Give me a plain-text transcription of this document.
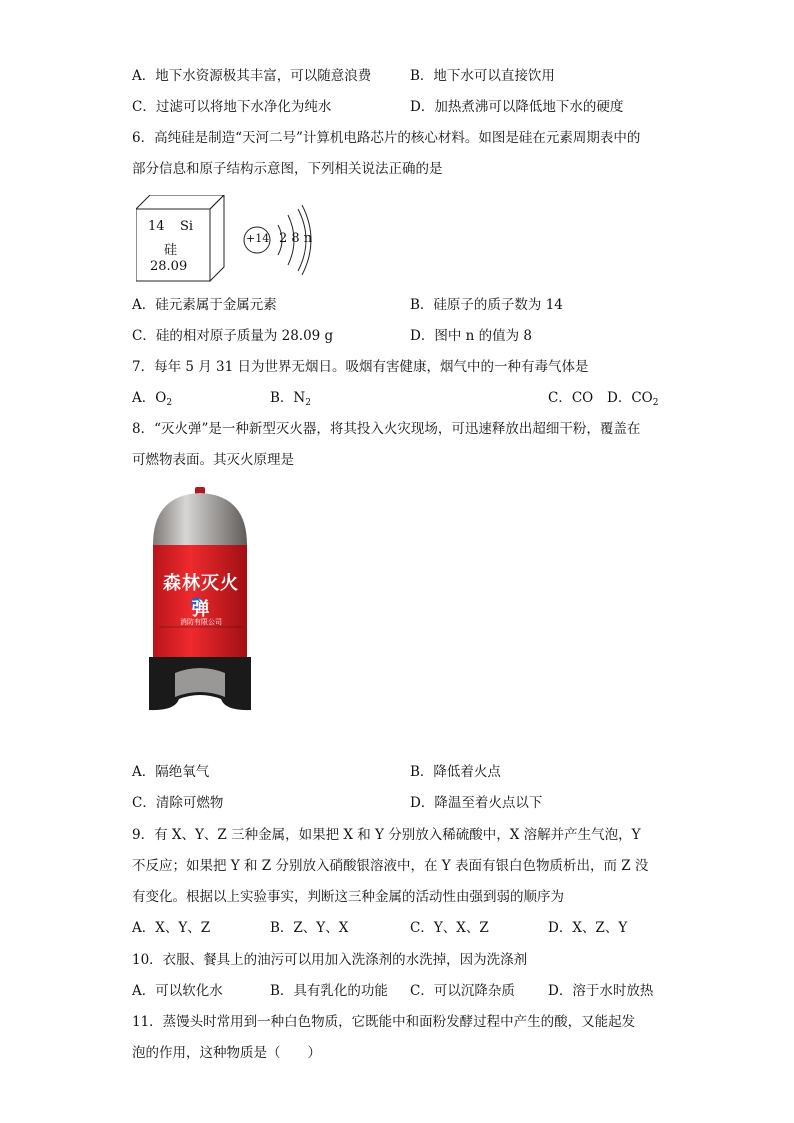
A．地下水资源极其丰富，可以随意浪费	B．地下水可以直接饮用
C．过滤可以将地下水净化为纯水	D．加热煮沸可以降低地下水的硬度
6．高纯硅是制造“天河二号”计算机电路芯片的核心材料。如图是硅在元素周期表中的
部分信息和原子结构示意图，下列相关说法正确的是
14 Si
硅
28.09
+14 2 8 n
A．硅元素属于金属元素	B．硅原子的质子数为 14
C．硅的相对原子质量为 28.09 g	D．图中 n 的值为 8
7．每年 5 月 31 日为世界无烟日。吸烟有害健康，烟气中的一种有毒气体是
A．$O_2$	B．$N_2$	C．CO D．$CO_2$
8．“灭火弹”是一种新型灭火器，将其投入火灾现场，可迅速释放出超细干粉，覆盖在
可燃物表面。其灭火原理是
森林灭火弹
消防有限公司
A．隔绝氧气	B．降低着火点
C．清除可燃物	D．降温至着火点以下
9．有 X、Y、Z 三种金属，如果把 X 和 Y 分别放入稀硫酸中，X 溶解并产生气泡，Y
不反应；如果把 Y 和 Z 分别放入硝酸银溶液中，在 Y 表面有银白色物质析出，而 Z 没
有变化。根据以上实验事实，判断这三种金属的活动性由强到弱的顺序为
A．X、Y、Z	B．Z、Y、X	C．Y、X、Z	D．X、Z、Y
10．衣服、餐具上的油污可以用加入洗涤剂的水洗掉，因为洗涤剂
A．可以软化水	B．具有乳化的功能 C．可以沉降杂质 D．溶于水时放热
11．蒸馒头时常用到一种白色物质，它既能中和面粉发酵过程中产生的酸，又能起发
泡的作用，这种物质是（　　）
